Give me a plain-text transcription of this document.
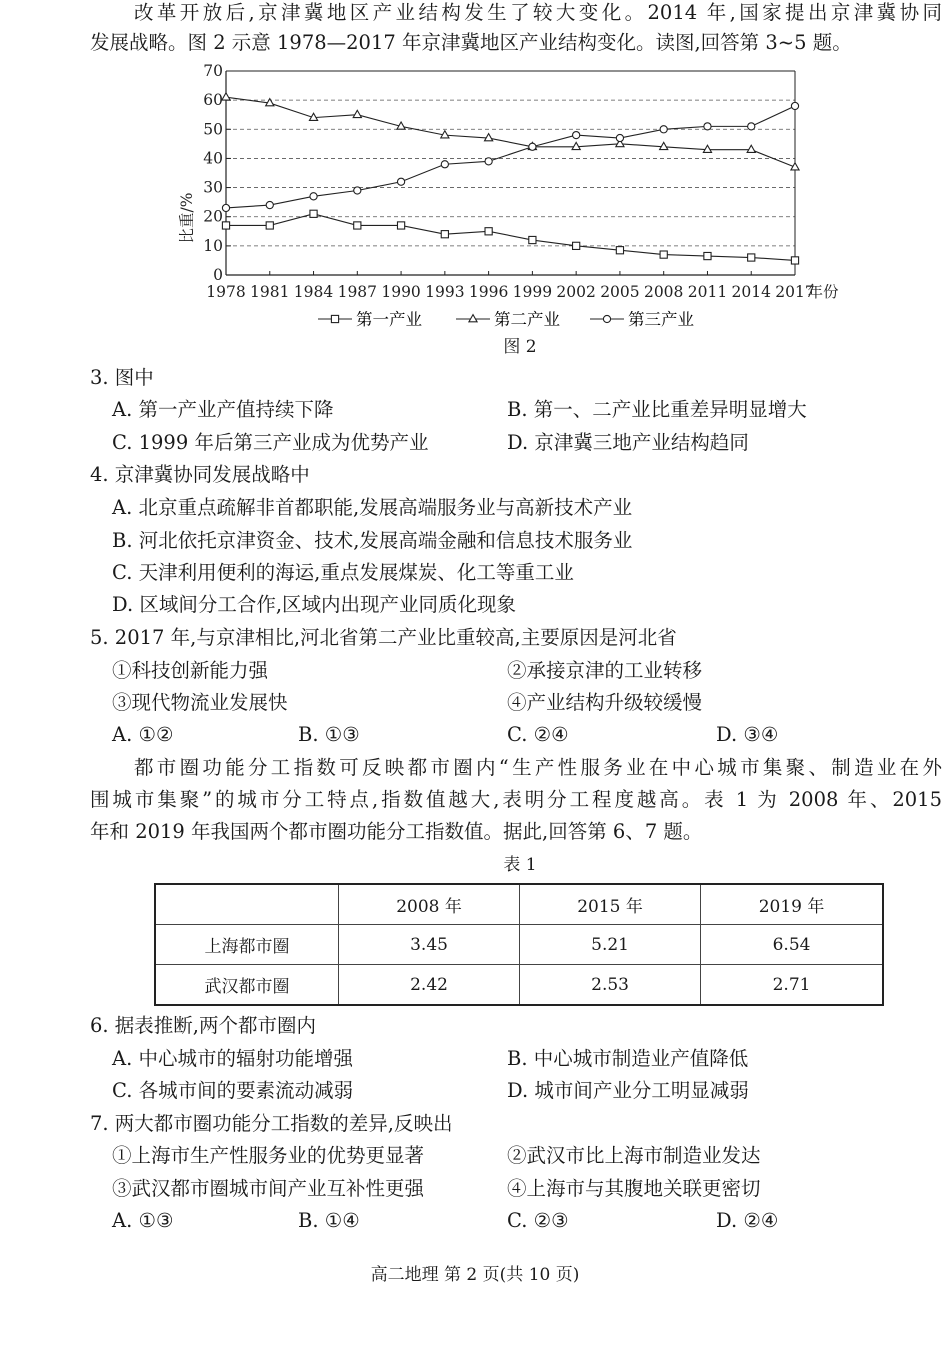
改革开放后,京津冀地区产业结构发生了较大变化。2014 年,国家提出京津冀协同
发展战略。图 2 示意 1978—2017 年京津冀地区产业结构变化。读图,回答第 3~5 题。
0
10
20
30
40
50
60
70
1978 1981 1984 1987 1990 1993 1996 1999 2002 2005 2008 2011 2014 2017
年份
比重/%
第一产业	第二产业	第三产业
图 2
3. 图中
A. 第一产业产值持续下降	B. 第一、二产业比重差异明显增大
C. 1999 年后第三产业成为优势产业	D. 京津冀三地产业结构趋同
4. 京津冀协同发展战略中
A. 北京重点疏解非首都职能,发展高端服务业与高新技术产业
B. 河北依托京津资金、技术,发展高端金融和信息技术服务业
C. 天津利用便利的海运,重点发展煤炭、化工等重工业
D. 区域间分工合作,区域内出现产业同质化现象
5. 2017 年,与京津相比,河北省第二产业比重较高,主要原因是河北省
①科技创新能力强	②承接京津的工业转移
③现代物流业发展快	④产业结构升级较缓慢
A. ①②	B. ①③	C. ②④	D. ③④
都市圈功能分工指数可反映都市圈内“生产性服务业在中心城市集聚、制造业在外
围城市集聚”的城市分工特点,指数值越大,表明分工程度越高。表 1 为 2008 年、2015
年和 2019 年我国两个都市圈功能分工指数值。据此,回答第 6、7 题。
表 1
	2008 年	2015 年	2019 年
上海都市圈	3.45	5.21	6.54
武汉都市圈	2.42	2.53	2.71
6. 据表推断,两个都市圈内
A. 中心城市的辐射功能增强	B. 中心城市制造业产值降低
C. 各城市间的要素流动减弱	D. 城市间产业分工明显减弱
7. 两大都市圈功能分工指数的差异,反映出
①上海市生产性服务业的优势更显著	②武汉市比上海市制造业发达
③武汉都市圈城市间产业互补性更强	④上海市与其腹地关联更密切
A. ①③	B. ①④	C. ②③	D. ②④
高二地理 第 2 页(共 10 页)
